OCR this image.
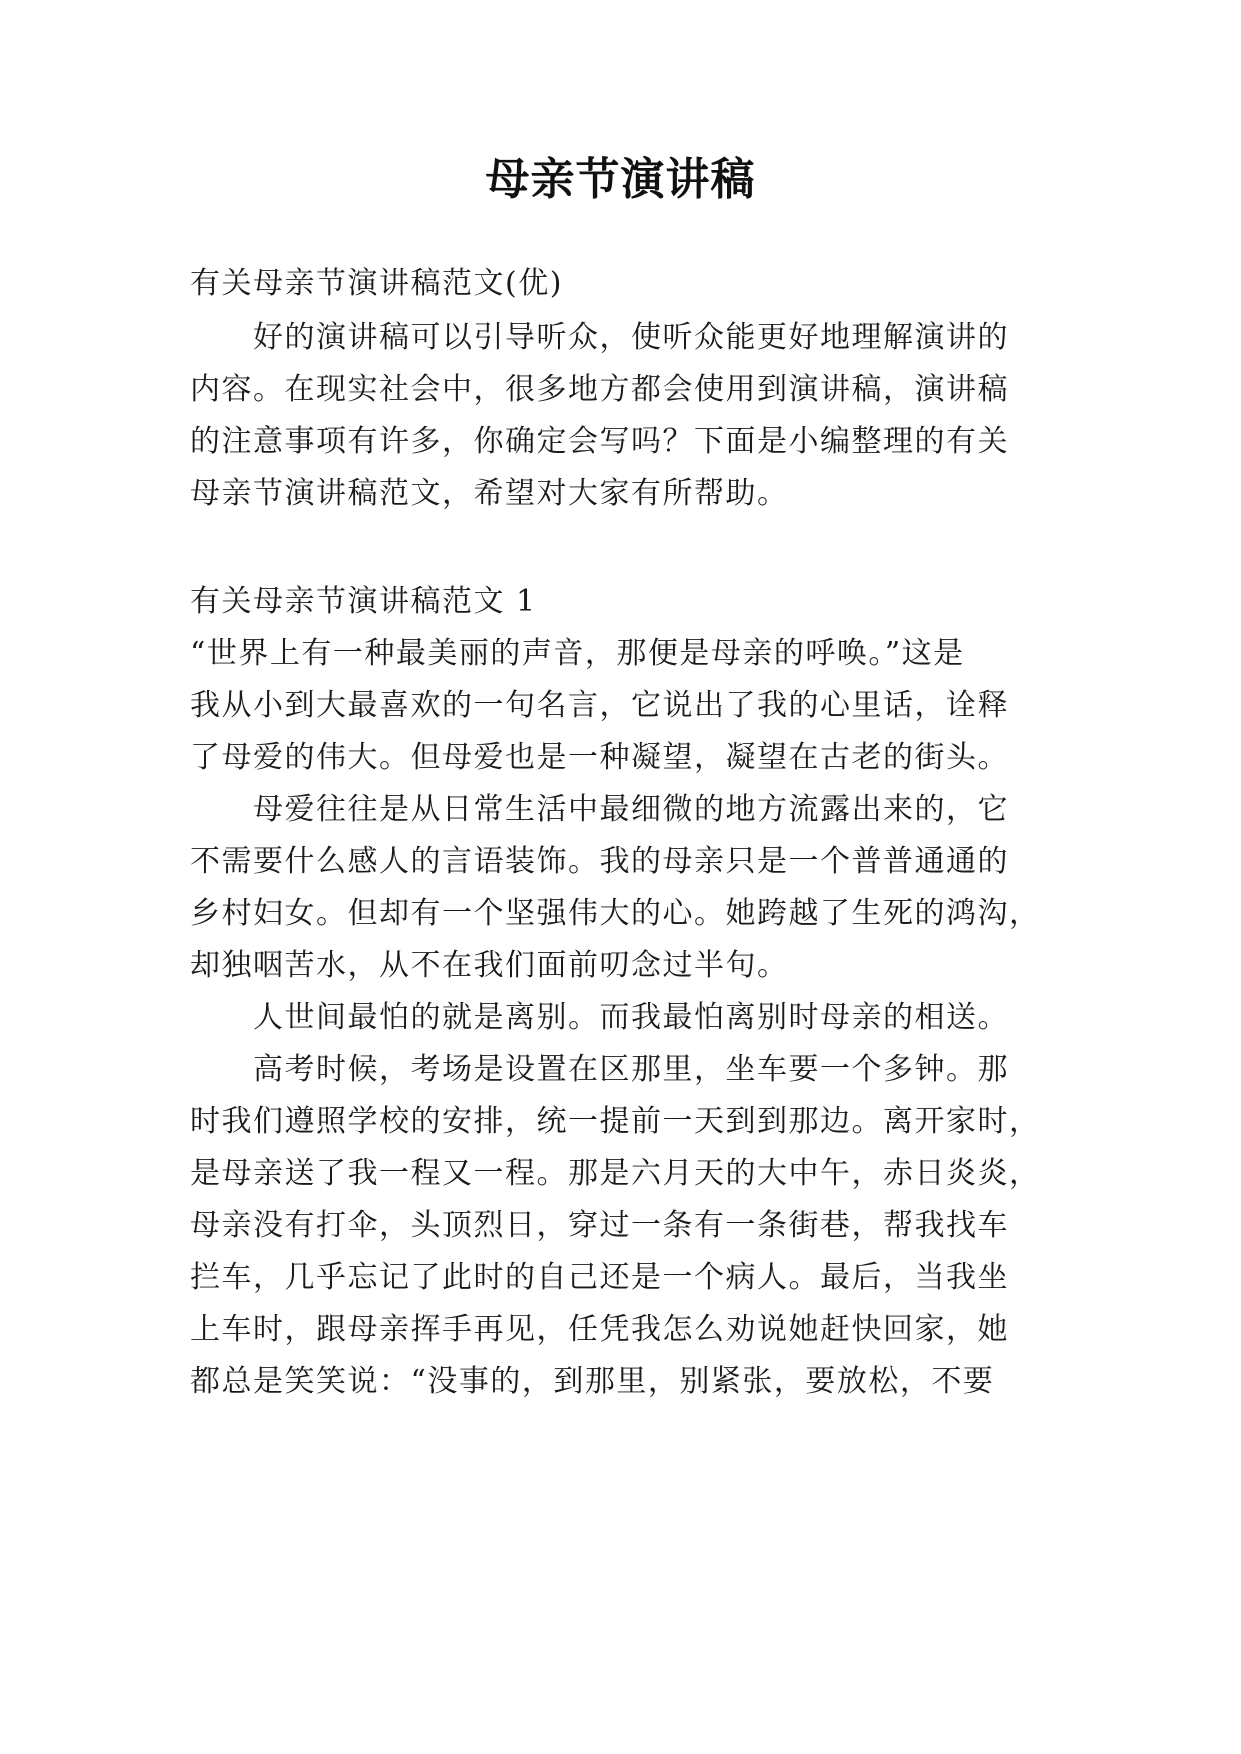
母亲节演讲稿
有关母亲节演讲稿范文(优)
好的演讲稿可以引导听众，使听众能更好地理解演讲的
内容。在现实社会中，很多地方都会使用到演讲稿，演讲稿
的注意事项有许多，你确定会写吗？下面是小编整理的有关
母亲节演讲稿范文，希望对大家有所帮助。
有关母亲节演讲稿范文 1
“世界上有一种最美丽的声音，那便是母亲的呼唤。”这是
我从小到大最喜欢的一句名言，它说出了我的心里话，诠释
了母爱的伟大。但母爱也是一种凝望，凝望在古老的街头。
母爱往往是从日常生活中最细微的地方流露出来的，它
不需要什么感人的言语装饰。我的母亲只是一个普普通通的
乡村妇女。但却有一个坚强伟大的心。她跨越了生死的鸿沟，
却独咽苦水，从不在我们面前叨念过半句。
人世间最怕的就是离别。而我最怕离别时母亲的相送。
高考时候，考场是设置在区那里，坐车要一个多钟。那
时我们遵照学校的安排，统一提前一天到到那边。离开家时，
是母亲送了我一程又一程。那是六月天的大中午，赤日炎炎，
母亲没有打伞，头顶烈日，穿过一条有一条街巷，帮我找车
拦车，几乎忘记了此时的自己还是一个病人。最后，当我坐
上车时，跟母亲挥手再见，任凭我怎么劝说她赶快回家，她
都总是笑笑说：“没事的，到那里，别紧张，要放松，不要
